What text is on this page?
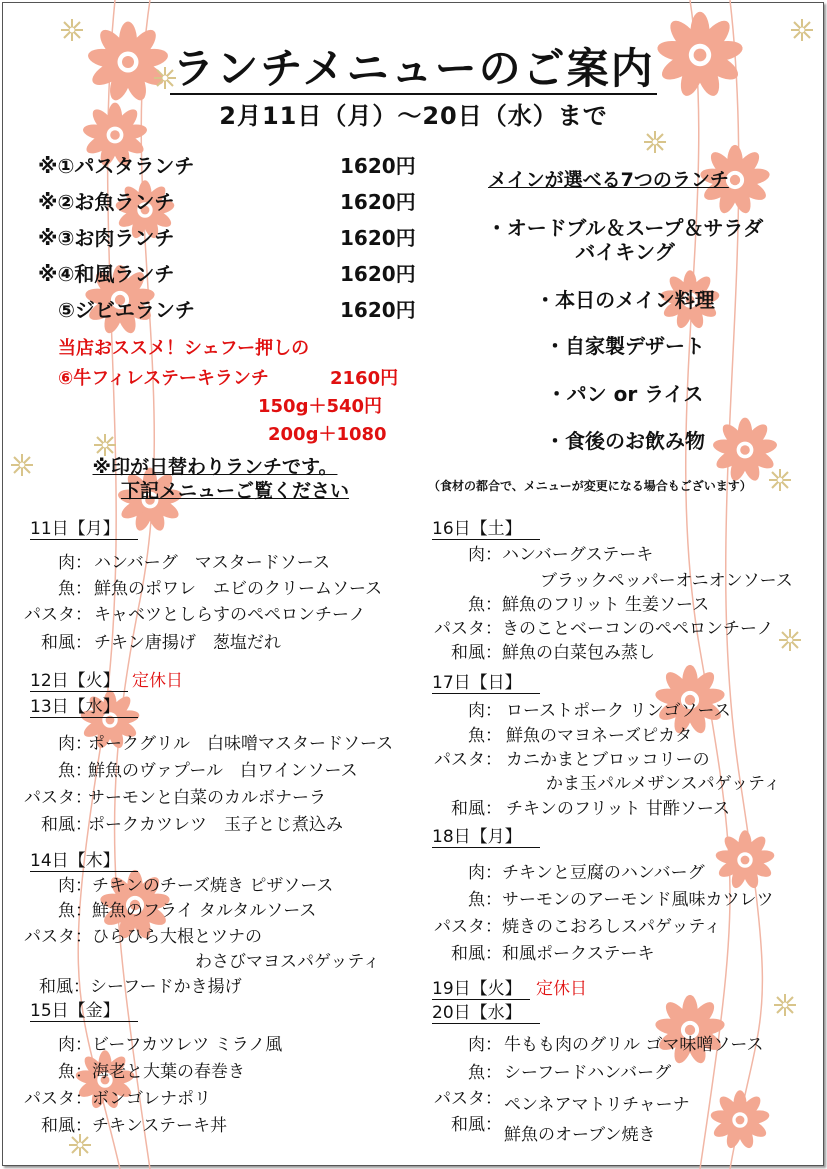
ランチメニューのご案内
2月11日（月）～20日（水）まで
※①パスタランチ	1620円
※②お魚ランチ	1620円
※③お肉ランチ	1620円
※④和風ランチ	1620円
⑤ジビエランチ	1620円
当店おススメ！シェフー押しの
⑥牛フィレステーキランチ	2160円
150g＋540円
200g＋1080
メインが選べる7つのランチ
・オードブル＆スープ＆サラダ
バイキング
・本日のメイン料理
・自家製デザート
・パン or ライス
・食後のお飲み物
※印が日替わりランチです。
下記メニューご覧ください	（食材の都合で、メニューが変更になる場合もございます）
11日【月】
肉： ハンバーグ　マスタードソース
魚： 鮮魚のポワレ　エビのクリームソース
パスタ： キャベツとしらすのペペロンチーノ
和風： チキン唐揚げ　葱塩だれ
12日【火】 定休日
13日【水】
肉：
ポークグリル　白味噌マスタードソース
魚：
鮮魚のヴァプール　白ワインソース
パスタ：
サーモンと白菜のカルボナーラ
和風：
ポークカツレツ　玉子とじ煮込み
14日【木】
肉： チキンのチーズ焼き ピザソース
魚： 鮮魚のフライ タルタルソース
パスタ： ひらひら大根とツナの
わさびマヨスパゲッティ
和風： シーフードかき揚げ
15日【金】
肉： ビーフカツレツ ミラノ風
魚： 海老と大葉の春巻き
パスタ： ボンゴレナポリ
和風： チキンステーキ丼
16日【土】
肉： ハンバーグステーキ
ブラックペッパーオニオンソース
魚： 鮮魚のフリット 生姜ソース
パスタ： きのことベーコンのペペロンチーノ
和風： 鮮魚の白菜包み蒸し
17日【日】
肉： ローストポーク リンゴソース
魚： 鮮魚のマヨネーズピカタ
パスタ： カニかまとブロッコリーの
かま玉パルメザンスパゲッティ
和風： チキンのフリット 甘酢ソース
18日【月】
肉： チキンと豆腐のハンバーグ
魚： サーモンのアーモンド風味カツレツ
パスタ： 焼きのこおろしスパゲッティ
和風： 和風ポークステーキ
19日【火】 定休日
20日【水】
肉： 牛もも肉のグリル ゴマ味噌ソース
魚： シーフードハンバーグ
パスタ： ペンネアマトリチャーナ
和風： 鮮魚のオーブン焼き
